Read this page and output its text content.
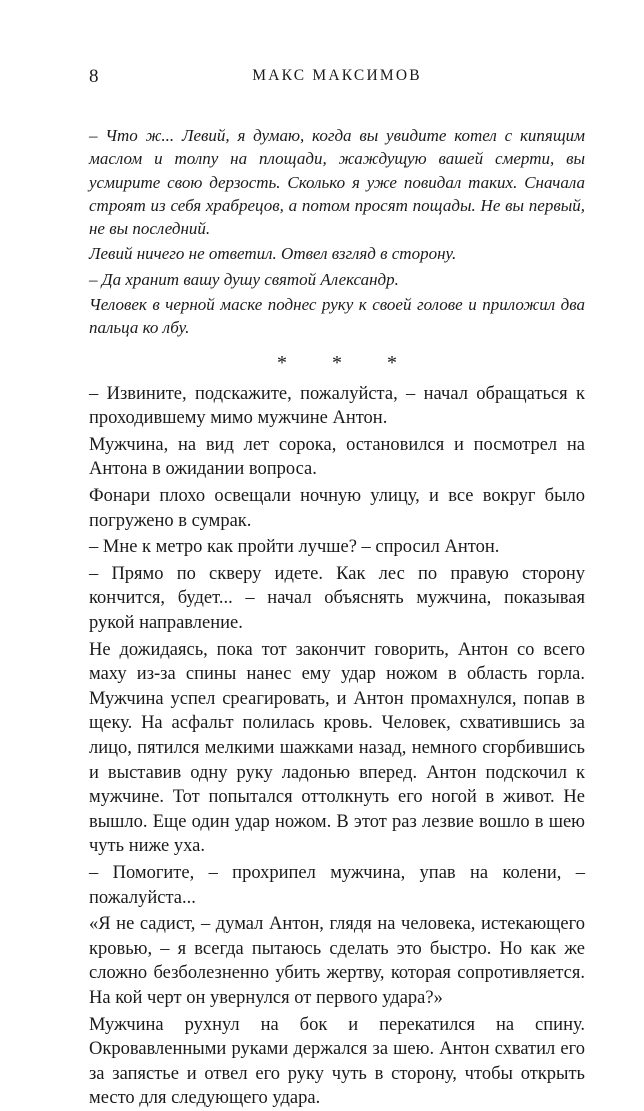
8	МАКС МАКСИМОВ

– Что ж... Левий, я думаю, когда вы увидите котел с кипящим маслом и толпу на площади, жаждущую вашей смерти, вы усмирите свою дерзость. Сколько я уже повидал таких. Сначала строят из себя храбрецов, а потом просят пощады. Не вы первый, не вы последний.

Левий ничего не ответил. Отвел взгляд в сторону.

– Да хранит вашу душу святой Александр.

Человек в черной маске поднес руку к своей голове и приложил два пальца ко лбу.

* * *

– Извините, подскажите, пожалуйста, – начал обращаться к проходившему мимо мужчине Антон.

Мужчина, на вид лет сорока, остановился и посмотрел на Антона в ожидании вопроса.

Фонари плохо освещали ночную улицу, и все вокруг было погружено в сумрак.

– Мне к метро как пройти лучше? – спросил Антон.

– Прямо по скверу идете. Как лес по правую сторону кончится, будет... – начал объяснять мужчина, показывая рукой направление.

Не дожидаясь, пока тот закончит говорить, Антон со всего маху из-за спины нанес ему удар ножом в область горла. Мужчина успел среагировать, и Антон промахнулся, попав в щеку. На асфальт полилась кровь. Человек, схватившись за лицо, пятился мелкими шажками назад, немного сгорбившись и выставив одну руку ладонью вперед. Антон подскочил к мужчине. Тот попытался оттолкнуть его ногой в живот. Не вышло. Еще один удар ножом. В этот раз лезвие вошло в шею чуть ниже уха.

– Помогите, – прохрипел мужчина, упав на колени, – пожалуйста...

«Я не садист, – думал Антон, глядя на человека, истекающего кровью, – я всегда пытаюсь сделать это быстро. Но как же сложно безболезненно убить жертву, которая сопротивляется. На кой черт он увернулся от первого удара?»

Мужчина рухнул на бок и перекатился на спину. Окровавленными руками держался за шею. Антон схватил его за запястье и отвел его руку чуть в сторону, чтобы открыть место для следующего удара.
